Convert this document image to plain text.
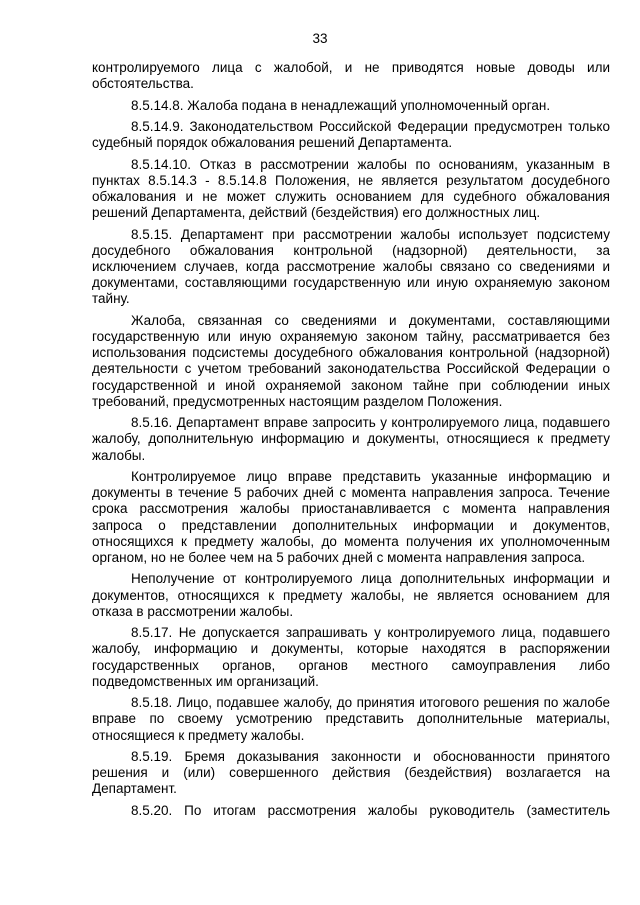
33

контролируемого лица с жалобой, и не приводятся новые доводы или обстоятельства.

8.5.14.8. Жалоба подана в ненадлежащий уполномоченный орган.

8.5.14.9. Законодательством Российской Федерации предусмотрен только судебный порядок обжалования решений Департамента.

8.5.14.10. Отказ в рассмотрении жалобы по основаниям, указанным в пунктах 8.5.14.3 - 8.5.14.8 Положения, не является результатом досудебного обжалования и не может служить основанием для судебного обжалования решений Департамента, действий (бездействия) его должностных лиц.

8.5.15. Департамент при рассмотрении жалобы использует подсистему досудебного обжалования контрольной (надзорной) деятельности, за исключением случаев, когда рассмотрение жалобы связано со сведениями и документами, составляющими государственную или иную охраняемую законом тайну.

Жалоба, связанная со сведениями и документами, составляющими государственную или иную охраняемую законом тайну, рассматривается без использования подсистемы досудебного обжалования контрольной (надзорной) деятельности с учетом требований законодательства Российской Федерации о государственной и иной охраняемой законом тайне при соблюдении иных требований, предусмотренных настоящим разделом Положения.

8.5.16. Департамент вправе запросить у контролируемого лица, подавшего жалобу, дополнительную информацию и документы, относящиеся к предмету жалобы.

Контролируемое лицо вправе представить указанные информацию и документы в течение 5 рабочих дней с момента направления запроса. Течение срока рассмотрения жалобы приостанавливается с момента направления запроса о представлении дополнительных информации и документов, относящихся к предмету жалобы, до момента получения их уполномоченным органом, но не более чем на 5 рабочих дней с момента направления запроса.

Неполучение от контролируемого лица дополнительных информации и документов, относящихся к предмету жалобы, не является основанием для отказа в рассмотрении жалобы.

8.5.17. Не допускается запрашивать у контролируемого лица, подавшего жалобу, информацию и документы, которые находятся в распоряжении государственных органов, органов местного самоуправления либо подведомственных им организаций.

8.5.18. Лицо, подавшее жалобу, до принятия итогового решения по жалобе вправе по своему усмотрению представить дополнительные материалы, относящиеся к предмету жалобы.

8.5.19. Бремя доказывания законности и обоснованности принятого решения и (или) совершенного действия (бездействия) возлагается на Департамент.

8.5.20. По итогам рассмотрения жалобы руководитель (заместитель
